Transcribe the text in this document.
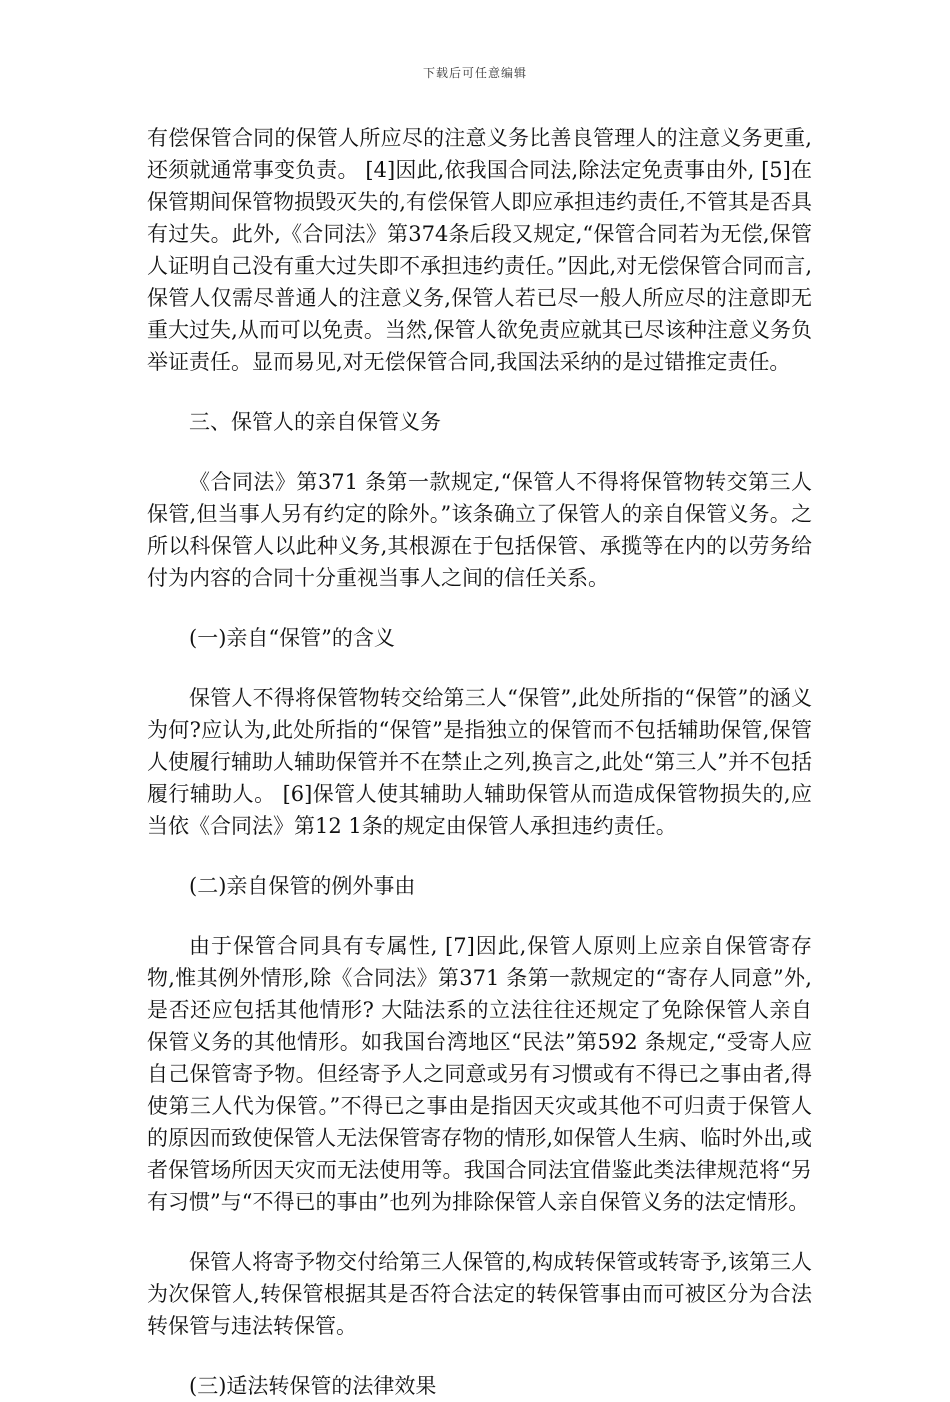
下载后可任意编辑

有偿保管合同的保管人所应尽的注意义务比善良管理人的注意义务更重,还须就通常事变负责。 [4]因此,依我国合同法,除法定免责事由外, [5]在保管期间保管物损毁灭失的,有偿保管人即应承担违约责任,不管其是否具有过失。此外,《合同法》第374条后段又规定,“保管合同若为无偿,保管人证明自己没有重大过失即不承担违约责任。”因此,对无偿保管合同而言,保管人仅需尽普通人的注意义务,保管人若已尽一般人所应尽的注意即无重大过失,从而可以免责。当然,保管人欲免责应就其已尽该种注意义务负举证责任。显而易见,对无偿保管合同,我国法采纳的是过错推定责任。

三、保管人的亲自保管义务

《合同法》第371 条第一款规定,“保管人不得将保管物转交第三人保管,但当事人另有约定的除外。”该条确立了保管人的亲自保管义务。之所以科保管人以此种义务,其根源在于包括保管、承揽等在内的以劳务给付为内容的合同十分重视当事人之间的信任关系。

(一)亲自“保管”的含义

保管人不得将保管物转交给第三人“保管”,此处所指的“保管”的涵义为何?应认为,此处所指的“保管”是指独立的保管而不包括辅助保管,保管人使履行辅助人辅助保管并不在禁止之列,换言之,此处“第三人”并不包括履行辅助人。 [6]保管人使其辅助人辅助保管从而造成保管物损失的,应当依《合同法》第12 1条的规定由保管人承担违约责任。

(二)亲自保管的例外事由

由于保管合同具有专属性, [7]因此,保管人原则上应亲自保管寄存物,惟其例外情形,除《合同法》第371 条第一款规定的“寄存人同意”外,是否还应包括其他情形? 大陆法系的立法往往还规定了免除保管人亲自保管义务的其他情形。如我国台湾地区“民法”第592 条规定,“受寄人应自己保管寄予物。但经寄予人之同意或另有习惯或有不得已之事由者,得使第三人代为保管。”不得已之事由是指因天灾或其他不可归责于保管人的原因而致使保管人无法保管寄存物的情形,如保管人生病、临时外出,或者保管场所因天灾而无法使用等。我国合同法宜借鉴此类法律规范将“另有习惯”与“不得已的事由”也列为排除保管人亲自保管义务的法定情形。

保管人将寄予物交付给第三人保管的,构成转保管或转寄予,该第三人为次保管人,转保管根据其是否符合法定的转保管事由而可被区分为合法转保管与违法转保管。

(三)适法转保管的法律效果
